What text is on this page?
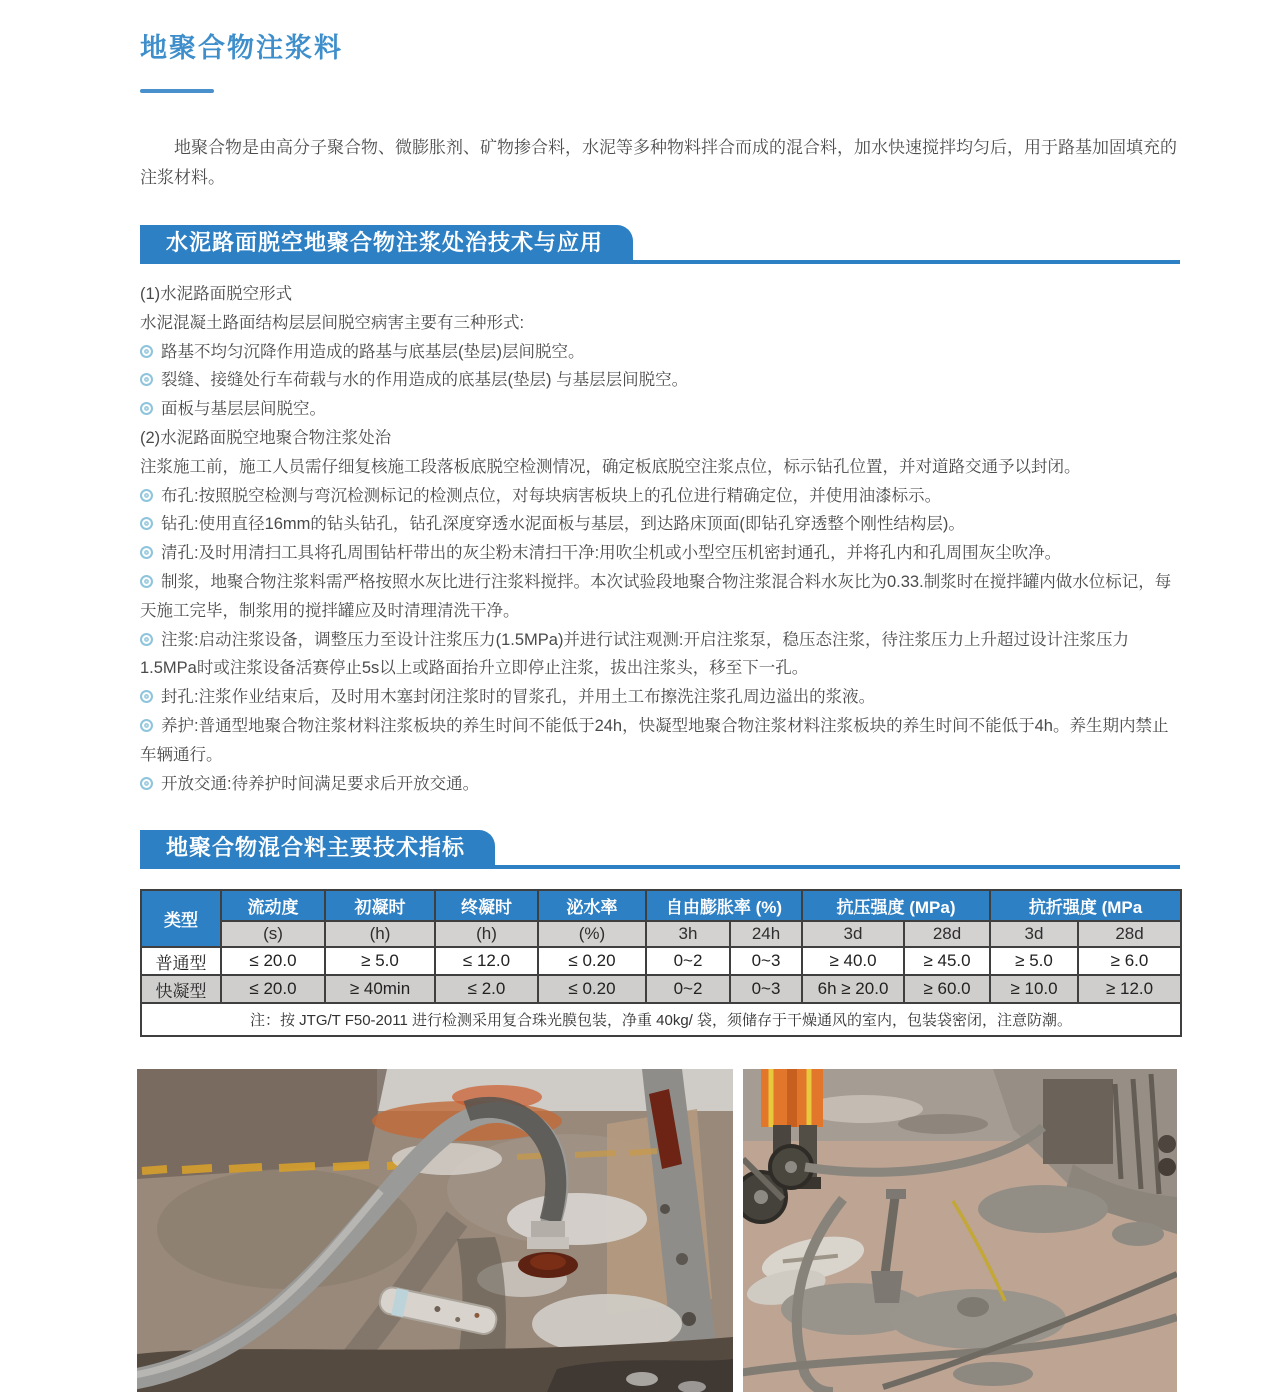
地聚合物注浆料

地聚合物是由高分子聚合物、微膨胀剂、矿物掺合料，水泥等多种物料拌合而成的混合料，加水快速搅拌均匀后，用于路基加固填充的注浆材料。

水泥路面脱空地聚合物注浆处治技术与应用

(1)水泥路面脱空形式

水泥混凝土路面结构层层间脱空病害主要有三种形式:

路基不均匀沉降作用造成的路基与底基层(垫层)层间脱空。

裂缝、接缝处行车荷载与水的作用造成的底基层(垫层) 与基层层间脱空。

面板与基层层间脱空。

(2)水泥路面脱空地聚合物注浆处治

注浆施工前，施工人员需仔细复核施工段落板底脱空检测情况，确定板底脱空注浆点位，标示钻孔位置，并对道路交通予以封闭。

布孔:按照脱空检测与弯沉检测标记的检测点位，对每块病害板块上的孔位进行精确定位，并使用油漆标示。

钻孔:使用直径16mm的钻头钻孔，钻孔深度穿透水泥面板与基层，到达路床顶面(即钻孔穿透整个刚性结构层)。

清孔:及时用清扫工具将孔周围钻杆带出的灰尘粉末清扫干净:用吹尘机或小型空压机密封通孔，并将孔内和孔周围灰尘吹净。

制浆，地聚合物注浆料需严格按照水灰比进行注浆料搅拌。本次试验段地聚合物注浆混合料水灰比为0.33.制浆时在搅拌罐内做水位标记，每天施工完毕，制浆用的搅拌罐应及时清理清洗干净。

注浆:启动注浆设备，调整压力至设计注浆压力(1.5MPa)并进行试注观测:开启注浆泵，稳压态注浆，待注浆压力上升超过设计注浆压力1.5MPa时或注浆设备活赛停止5s以上或路面抬升立即停止注浆，拔出注浆头，移至下一孔。

封孔:注浆作业结束后，及时用木塞封闭注浆时的冒浆孔，并用土工布擦洗注浆孔周边溢出的浆液。

养护:普通型地聚合物注浆材料注浆板块的养生时间不能低于24h，快凝型地聚合物注浆材料注浆板块的养生时间不能低于4h。养生期内禁止车辆通行。

开放交通:待养护时间满足要求后开放交通。

地聚合物混合料主要技术指标
类型	流动度	初凝时	终凝时	泌水率	自由膨胀率 (%)		抗压强度 (MPa)		抗折强度 (MPa	
	(s)	(h)	(h)	(%)	3h	24h	3d	28d	3d	28d
普通型	≤ 20.0	≥ 5.0	≤ 12.0	≤ 0.20	0~2	0~3	≥ 40.0	≥ 45.0	≥ 5.0	≥ 6.0
快凝型	≤ 20.0	≥ 40min	≤ 2.0	≤ 0.20	0~2	0~3	6h ≥ 20.0	≥ 60.0	≥ 10.0	≥ 12.0
注：按 JTG/T F50-2011 进行检测采用复合珠光膜包装，净重 40kg/ 袋，须储存于干燥通风的室内，包装袋密闭，注意防潮。										
